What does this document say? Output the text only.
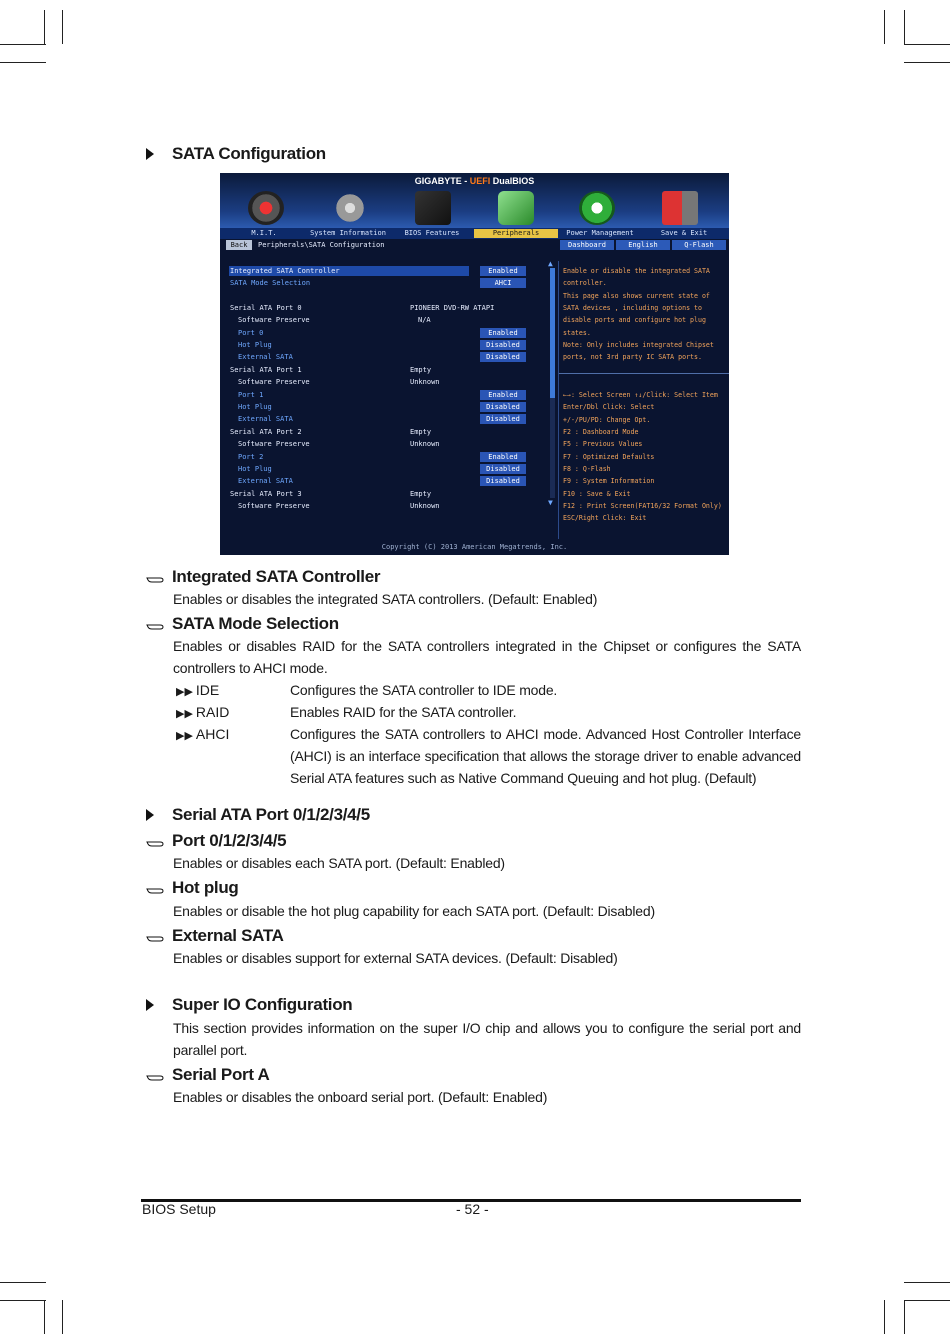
SATA Configuration
GIGABYTE - UEFI DualBIOS
M.I.T.	System Information	BIOS Features	Peripherals	Power Management	Save & Exit
Back	Peripherals\SATA Configuration	Dashboard	English	Q-Flash
Integrated SATA Controller	Enabled
SATA Mode Selection	AHCI
Serial ATA Port 0	PIONEER DVD-RW ATAPI
Software Preserve	N/A
Port 0	Enabled
Hot Plug	Disabled
External SATA	Disabled
Serial ATA Port 1	Empty
Software Preserve	Unknown
Port 1	Enabled
Hot Plug	Disabled
External SATA	Disabled
Serial ATA Port 2	Empty
Software Preserve	Unknown
Port 2	Enabled
Hot Plug	Disabled
External SATA	Disabled
Serial ATA Port 3	Empty
Software Preserve	Unknown
▲
▼
Enable or disable the integrated SATA
controller.
This page also shows current state of
SATA devices , including options to
disable ports and configure hot plug
states.
Note: Only includes integrated Chipset
ports, not 3rd party IC SATA ports.
←→: Select Screen ↑↓/Click: Select Item
Enter/Dbl Click: Select
+/-/PU/PD: Change Opt.
F2 : Dashboard Mode
F5 : Previous Values
F7 : Optimized Defaults
F8 : Q-Flash
F9 : System Information
F10 : Save & Exit
F12 : Print Screen(FAT16/32 Format Only)
ESC/Right Click: Exit
Copyright (C) 2013 American Megatrends, Inc.
Integrated SATA Controller
Enables or disables the integrated SATA controllers. (Default: Enabled)
SATA Mode Selection
Enables or disables RAID for the SATA controllers integrated in the Chipset or configures the SATA controllers to AHCI mode.
▶▶ IDE	Configures the SATA controller to IDE mode.
▶▶ RAID	Enables RAID for the SATA controller.
▶▶ AHCI	Configures the SATA controllers to AHCI mode. Advanced Host Controller Interface (AHCI) is an interface specification that allows the storage driver to enable advanced Serial ATA features such as Native Command Queuing and hot plug. (Default)
Serial ATA Port 0/1/2/3/4/5
Port 0/1/2/3/4/5
Enables or disables each SATA port. (Default: Enabled)
Hot plug
Enables or disable the hot plug capability for each SATA port. (Default: Disabled)
External SATA
Enables or disables support for external SATA devices. (Default: Disabled)
Super IO Configuration
This section provides information on the super I/O chip and allows you to configure the serial port and parallel port.
Serial Port A
Enables or disables the onboard serial port. (Default: Enabled)
BIOS Setup	- 52 -
